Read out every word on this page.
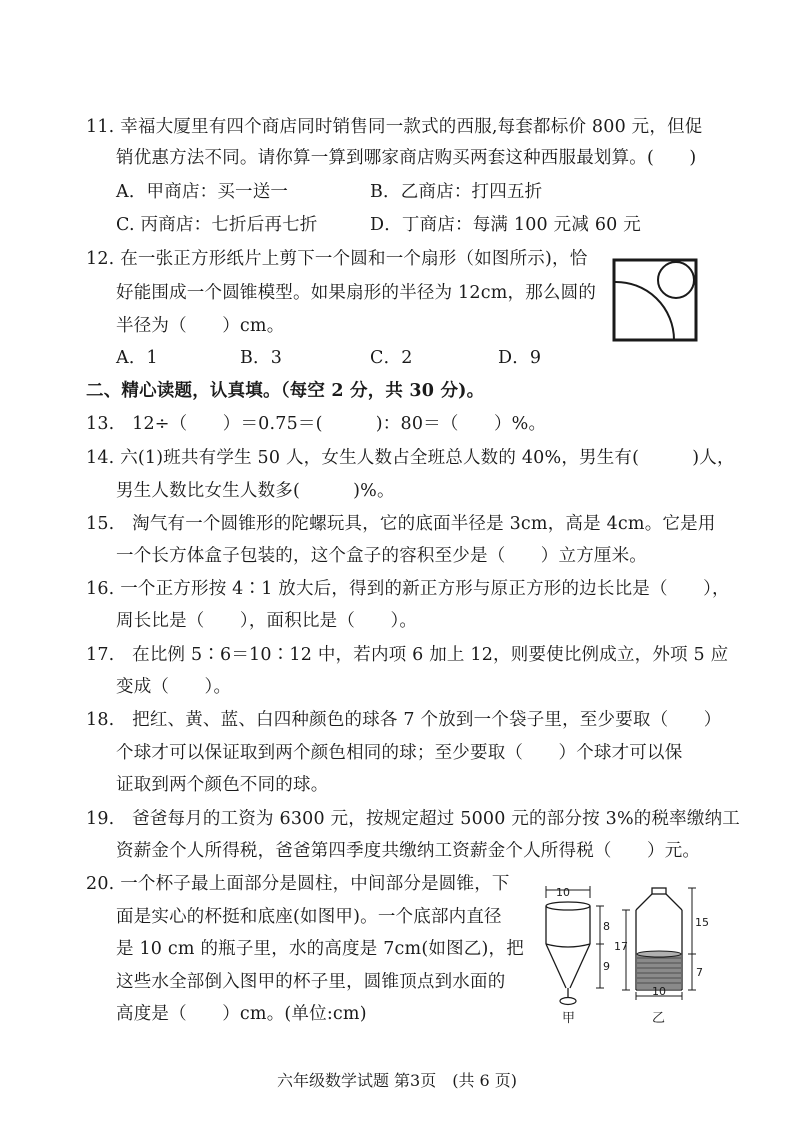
11. 幸福大厦里有四个商店同时销售同一款式的西服,每套都标价 800 元，但促
销优惠方法不同。请你算一算到哪家商店购买两套这种西服最划算。(　　)
A．甲商店：买一送一	B．乙商店：打四五折
C. 丙商店：七折后再七折	D．丁商店：每满 100 元减 60 元
12. 在一张正方形纸片上剪下一个圆和一个扇形（如图所示)，恰
好能围成一个圆锥模型。如果扇形的半径为 12cm，那么圆的
半径为（　　）cm。
A．1	B．3	C．2	D．9
二、精心读题，认真填。（每空 2 分，共 30 分)。
13.　12÷（　　）＝0.75＝(　　　)：80＝（　　）%。
14. 六(1)班共有学生 50 人，女生人数占全班总人数的 40%，男生有(　　　)人，
男生人数比女生人数多(　　　)%。
15.　淘气有一个圆锥形的陀螺玩具，它的底面半径是 3cm，高是 4cm。它是用
一个长方体盒子包装的，这个盒子的容积至少是（　　）立方厘米。
16. 一个正方形按 4∶1 放大后，得到的新正方形与原正方形的边长比是（　　），
周长比是（　　），面积比是（　　）。
17.　在比例 5∶6＝10∶12 中，若内项 6 加上 12，则要使比例成立，外项 5 应
变成（　　）。
18.　把红、黄、蓝、白四种颜色的球各 7 个放到一个袋子里，至少要取（　　）
个球才可以保证取到两个颜色相同的球；至少要取（　　）个球才可以保
证取到两个颜色不同的球。
19.　爸爸每月的工资为 6300 元，按规定超过 5000 元的部分按 3%的税率缴纳工
资薪金个人所得税，爸爸第四季度共缴纳工资薪金个人所得税（　　）元。
20. 一个杯子最上面部分是圆柱，中间部分是圆锥，下
面是实心的杯挺和底座(如图甲)。一个底部内直径
是 10 cm 的瓶子里，水的高度是 7cm(如图乙)，把
这些水全部倒入图甲的杯子里，圆锥顶点到水面的
高度是（　　）cm。(单位:cm)
10
8
9
甲
17
15
7
10
乙
六年级数学试题 第3页　(共 6 页)
